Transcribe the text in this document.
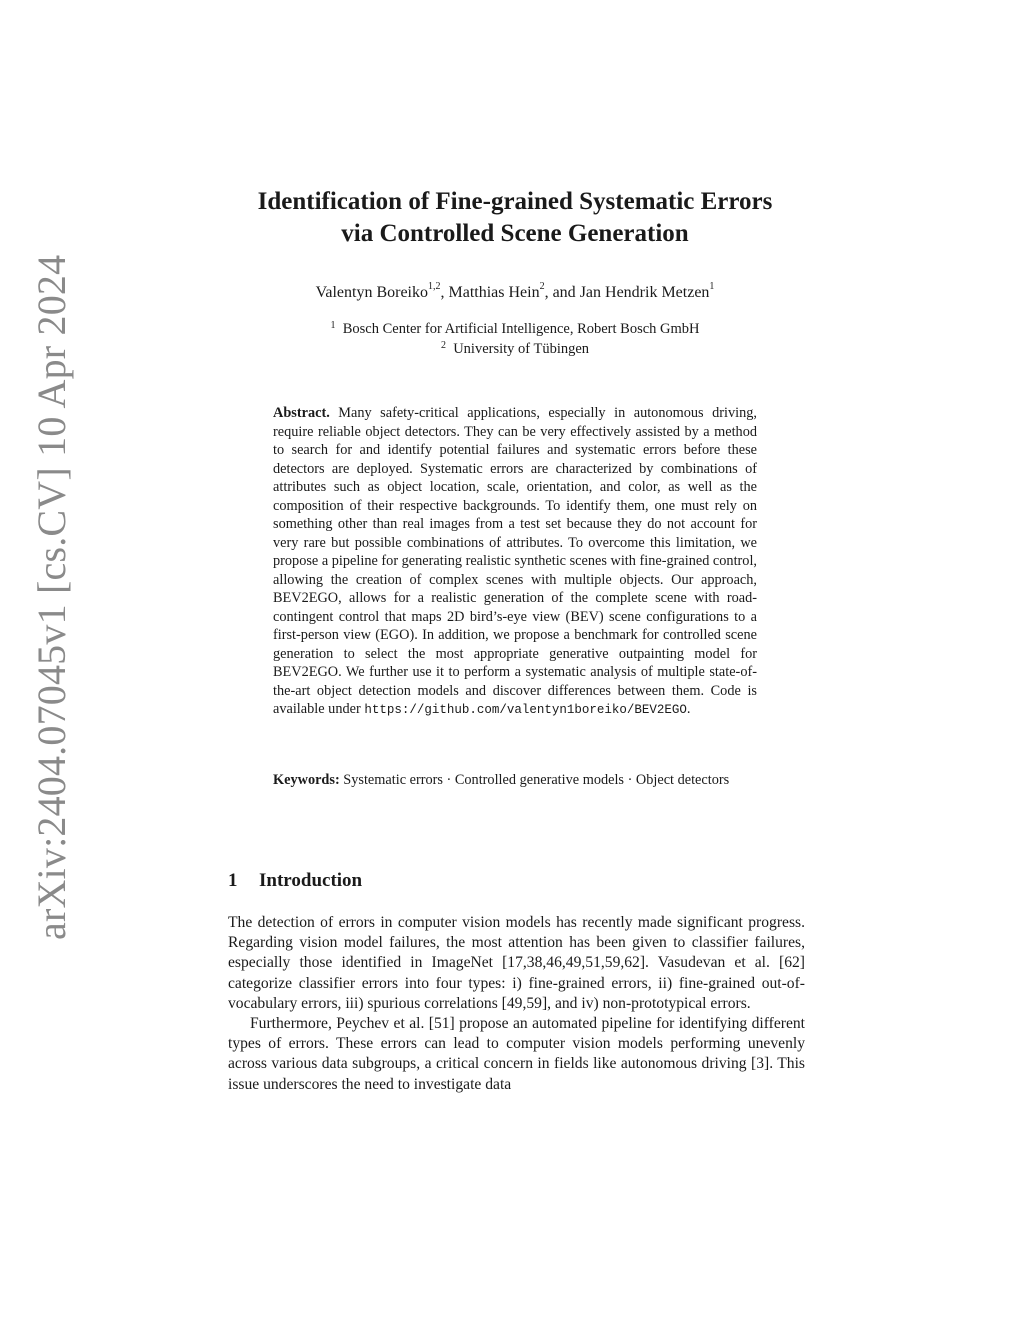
arXiv:2404.07045v1 [cs.CV] 10 Apr 2024
Identification of Fine-grained Systematic Errors
via Controlled Scene Generation
Valentyn Boreiko$^{1,2}$, Matthias Hein$^2$, and Jan Hendrik Metzen$^1$
$^1$ Bosch Center for Artificial Intelligence, Robert Bosch GmbH
$^2$ University of Tübingen
Abstract. Many safety-critical applications, especially in autonomous driving, require reliable object detectors. They can be very effectively assisted by a method to search for and identify potential failures and systematic errors before these detectors are deployed. Systematic errors are characterized by combinations of attributes such as object location, scale, orientation, and color, as well as the composition of their respective backgrounds. To identify them, one must rely on something other than real images from a test set because they do not account for very rare but possible combinations of attributes. To overcome this limitation, we propose a pipeline for generating realistic synthetic scenes with fine-grained control, allowing the creation of complex scenes with multiple objects. Our approach, BEV2EGO, allows for a realistic generation of the complete scene with road-contingent control that maps 2D bird’s-eye view (BEV) scene configurations to a first-person view (EGO). In addition, we propose a benchmark for controlled scene generation to select the most appropriate generative outpainting model for BEV2EGO. We further use it to perform a systematic analysis of multiple state-of-the-art object detection models and discover differences between them. Code is available under https://github.com/valentyn1boreiko/BEV2EGO.
Keywords: Systematic errors · Controlled generative models · Object detectors
1 Introduction

The detection of errors in computer vision models has recently made significant progress. Regarding vision model failures, the most attention has been given to classifier failures, especially those identified in ImageNet [17,38,46,49,51,59,62]. Vasudevan et al. [62] categorize classifier errors into four types: i) fine-grained errors, ii) fine-grained out-of-vocabulary errors, iii) spurious correlations [49,59], and iv) non-prototypical errors.

Furthermore, Peychev et al. [51] propose an automated pipeline for identifying different types of errors. These errors can lead to computer vision models performing unevenly across various data subgroups, a critical concern in fields like autonomous driving [3]. This issue underscores the need to investigate data
